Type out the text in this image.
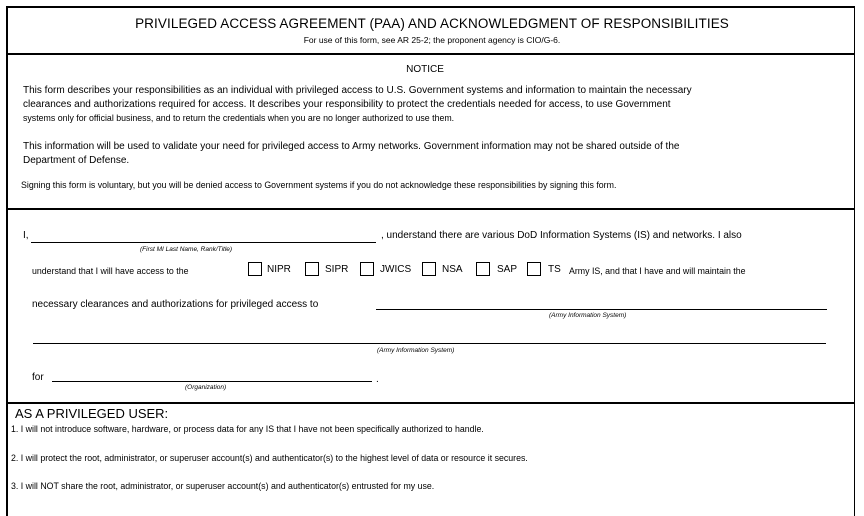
PRIVILEGED ACCESS AGREEMENT (PAA) AND ACKNOWLEDGMENT OF RESPONSIBILITIES
For use of this form, see AR 25-2; the proponent agency is CIO/G-6.
NOTICE
This form describes your responsibilities as an individual with privileged access to U.S. Government systems and information to maintain the necessary
clearances and authorizations required for access. It describes your responsibility to protect the credentials needed for access, to use Government
systems only for official business, and to return the credentials when you are no longer authorized to use them.
This information will be used to validate your need for privileged access to Army networks. Government information may not be shared outside of the
Department of Defense.
Signing this form is voluntary, but you will be denied access to Government systems if you do not acknowledge these responsibilities by signing this form.
I,
(First MI Last Name, Rank/Title)
, understand there are various DoD Information Systems (IS) and networks. I also
understand that I will have access to the	NIPR	SIPR	JWICS	NSA	SAP	TS Army IS, and that I have and will maintain the
necessary clearances and authorizations for privileged access to
(Army Information System)
(Army Information System)
for
(Organization)
.
AS A PRIVILEGED USER:
1. I will not introduce software, hardware, or process data for any IS that I have not been specifically authorized to handle.
2. I will protect the root, administrator, or superuser account(s) and authenticator(s) to the highest level of data or resource it secures.
3. I will NOT share the root, administrator, or superuser account(s) and authenticator(s) entrusted for my use.
